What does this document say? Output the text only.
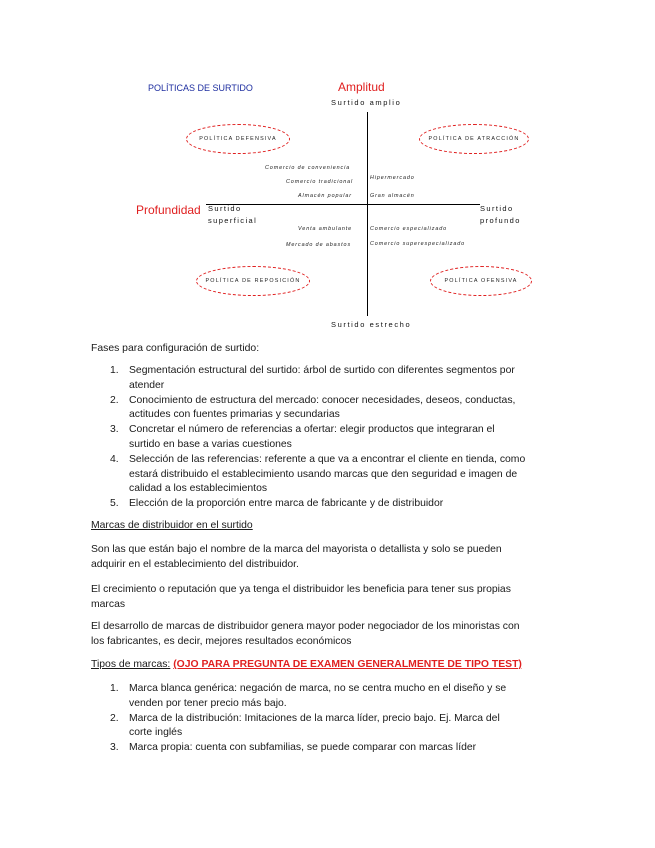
POLÍTICAS DE SURTIDO	Amplitud
Surtido amplio
Profundidad Surtido superficial
Surtido profundo
Surtido estrecho
POLÍTICA DEFENSIVA	POLÍTICA DE ATRACCIÓN
POLÍTICA DE REPOSICIÓN	POLÍTICA OFENSIVA
Comercio de conveniencia
Comercio tradicional
Almacén popular
Hipermercado
Gran almacén
Venta ambulante
Mercado de abastos
Comercio especializado
Comercio superespecializado
Fases para configuración de surtido:
1. Segmentación estructural del surtido: árbol de surtido con diferentes segmentos por
atender
2. Conocimiento de estructura del mercado: conocer necesidades, deseos, conductas,
actitudes con fuentes primarias y secundarias
3. Concretar el número de referencias a ofertar: elegir productos que integraran el
surtido en base a varias cuestiones
4. Selección de las referencias: referente a que va a encontrar el cliente en tienda, como
estará distribuido el establecimiento usando marcas que den seguridad e imagen de
calidad a los establecimientos
5. Elección de la proporción entre marca de fabricante y de distribuidor
Marcas de distribuidor en el surtido
Son las que están bajo el nombre de la marca del mayorista o detallista y solo se pueden
adquirir en el establecimiento del distribuidor.
El crecimiento o reputación que ya tenga el distribuidor les beneficia para tener sus propias
marcas
El desarrollo de marcas de distribuidor genera mayor poder negociador de los minoristas con
los fabricantes, es decir, mejores resultados económicos
Tipos de marcas: (OJO PARA PREGUNTA DE EXAMEN GENERALMENTE DE TIPO TEST)
1. Marca blanca genérica: negación de marca, no se centra mucho en el diseño y se
venden por tener precio más bajo.
2. Marca de la distribución: Imitaciones de la marca líder, precio bajo. Ej. Marca del
corte inglés
3. Marca propia: cuenta con subfamilias, se puede comparar con marcas líder
